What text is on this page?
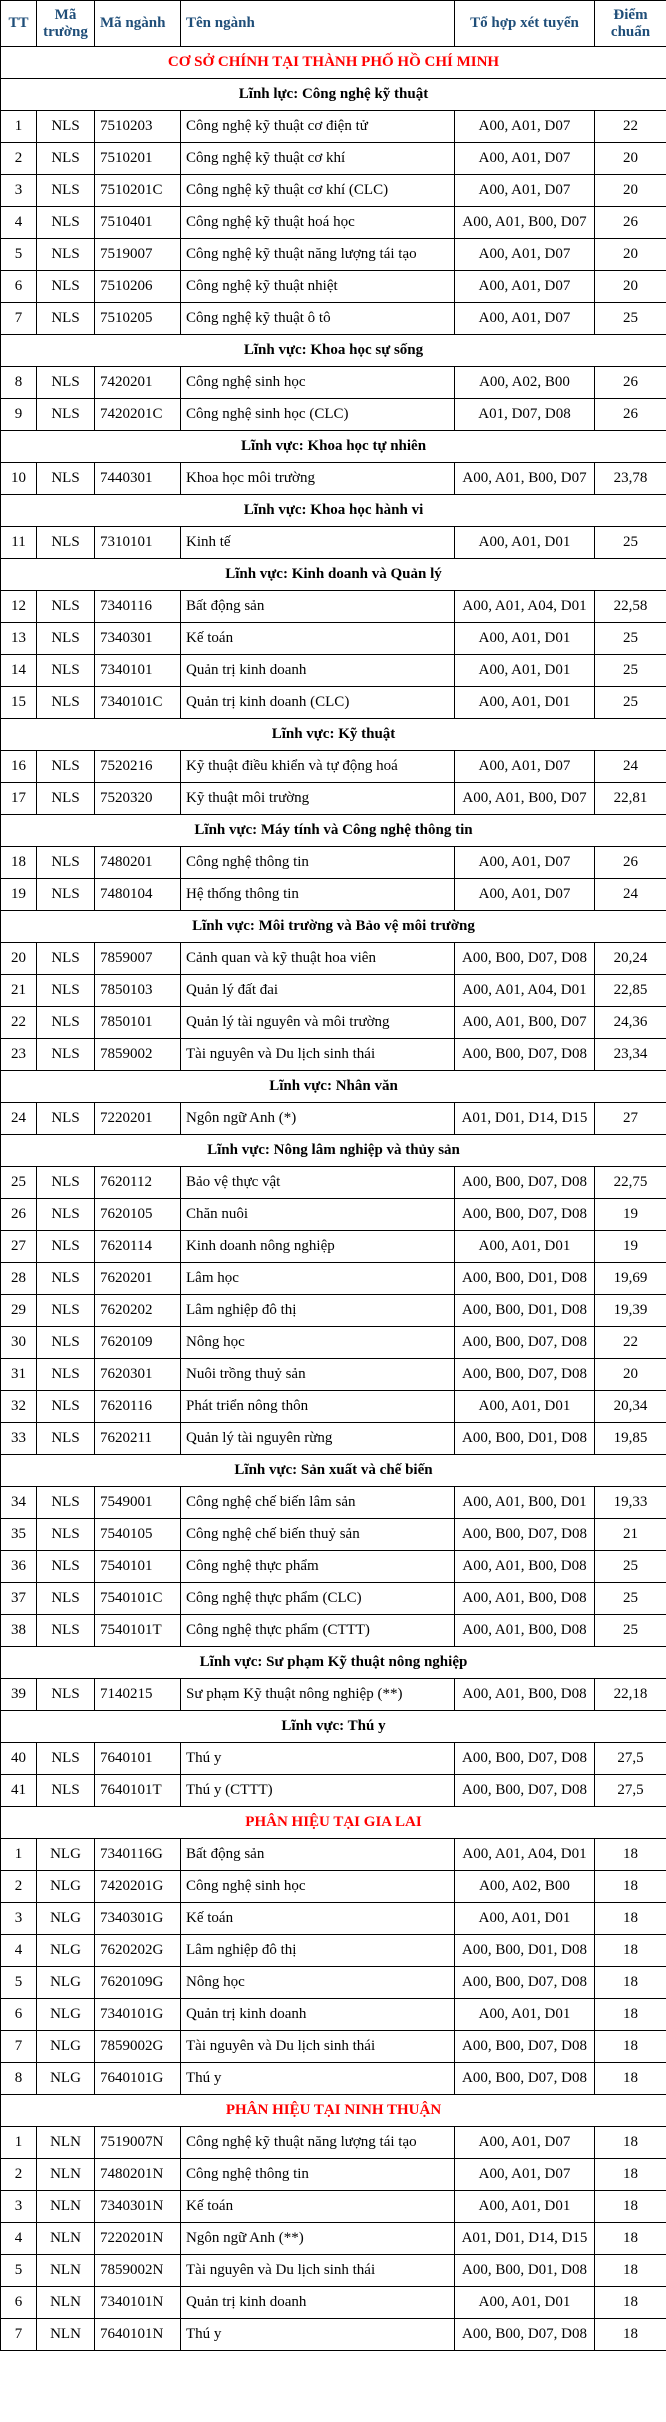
TT	Mã trường	Mã ngành	Tên ngành	Tổ hợp xét tuyển	Điểm chuẩn
CƠ SỞ CHÍNH TẠI THÀNH PHỐ HỒ CHÍ MINH					
Lĩnh lực: Công nghệ kỹ thuật					
1	NLS	7510203	Công nghệ kỹ thuật cơ điện tử	A00, A01, D07	22
2	NLS	7510201	Công nghệ kỹ thuật cơ khí	A00, A01, D07	20
3	NLS	7510201C	Công nghệ kỹ thuật cơ khí (CLC)	A00, A01, D07	20
4	NLS	7510401	Công nghệ kỹ thuật hoá học	A00, A01, B00, D07	26
5	NLS	7519007	Công nghệ kỹ thuật năng lượng tái tạo	A00, A01, D07	20
6	NLS	7510206	Công nghệ kỹ thuật nhiệt	A00, A01, D07	20
7	NLS	7510205	Công nghệ kỹ thuật ô tô	A00, A01, D07	25
Lĩnh vực: Khoa học sự sống					
8	NLS	7420201	Công nghệ sinh học	A00, A02, B00	26
9	NLS	7420201C	Công nghệ sinh học (CLC)	A01, D07, D08	26
Lĩnh vực: Khoa học tự nhiên					
10	NLS	7440301	Khoa học môi trường	A00, A01, B00, D07	23,78
Lĩnh vực: Khoa học hành vi					
11	NLS	7310101	Kinh tế	A00, A01, D01	25
Lĩnh vực: Kinh doanh và Quản lý					
12	NLS	7340116	Bất động sản	A00, A01, A04, D01	22,58
13	NLS	7340301	Kế toán	A00, A01, D01	25
14	NLS	7340101	Quản trị kinh doanh	A00, A01, D01	25
15	NLS	7340101C	Quản trị kinh doanh (CLC)	A00, A01, D01	25
Lĩnh vực: Kỹ thuật					
16	NLS	7520216	Kỹ thuật điều khiển và tự động hoá	A00, A01, D07	24
17	NLS	7520320	Kỹ thuật môi trường	A00, A01, B00, D07	22,81
Lĩnh vực: Máy tính và Công nghệ thông tin					
18	NLS	7480201	Công nghệ thông tin	A00, A01, D07	26
19	NLS	7480104	Hệ thống thông tin	A00, A01, D07	24
Lĩnh vực: Môi trường và Bảo vệ môi trường					
20	NLS	7859007	Cảnh quan và kỹ thuật hoa viên	A00, B00, D07, D08	20,24
21	NLS	7850103	Quản lý đất đai	A00, A01, A04, D01	22,85
22	NLS	7850101	Quản lý tài nguyên và môi trường	A00, A01, B00, D07	24,36
23	NLS	7859002	Tài nguyên và Du lịch sinh thái	A00, B00, D07, D08	23,34
Lĩnh vực: Nhân văn					
24	NLS	7220201	Ngôn ngữ Anh (*)	A01, D01, D14, D15	27
Lĩnh vực: Nông lâm nghiệp và thủy sản					
25	NLS	7620112	Bảo vệ thực vật	A00, B00, D07, D08	22,75
26	NLS	7620105	Chăn nuôi	A00, B00, D07, D08	19
27	NLS	7620114	Kinh doanh nông nghiệp	A00, A01, D01	19
28	NLS	7620201	Lâm học	A00, B00, D01, D08	19,69
29	NLS	7620202	Lâm nghiệp đô thị	A00, B00, D01, D08	19,39
30	NLS	7620109	Nông học	A00, B00, D07, D08	22
31	NLS	7620301	Nuôi trồng thuỷ sản	A00, B00, D07, D08	20
32	NLS	7620116	Phát triển nông thôn	A00, A01, D01	20,34
33	NLS	7620211	Quản lý tài nguyên rừng	A00, B00, D01, D08	19,85
Lĩnh vực: Sản xuất và chế biến					
34	NLS	7549001	Công nghệ chế biến lâm sản	A00, A01, B00, D01	19,33
35	NLS	7540105	Công nghệ chế biến thuỷ sản	A00, B00, D07, D08	21
36	NLS	7540101	Công nghệ thực phẩm	A00, A01, B00, D08	25
37	NLS	7540101C	Công nghệ thực phẩm (CLC)	A00, A01, B00, D08	25
38	NLS	7540101T	Công nghệ thực phẩm (CTTT)	A00, A01, B00, D08	25
Lĩnh vực: Sư phạm Kỹ thuật nông nghiệp					
39	NLS	7140215	Sư phạm Kỹ thuật nông nghiệp (**)	A00, A01, B00, D08	22,18
Lĩnh vực: Thú y					
40	NLS	7640101	Thú y	A00, B00, D07, D08	27,5
41	NLS	7640101T	Thú y (CTTT)	A00, B00, D07, D08	27,5
PHÂN HIỆU TẠI GIA LAI					
1	NLG	7340116G	Bất động sản	A00, A01, A04, D01	18
2	NLG	7420201G	Công nghệ sinh học	A00, A02, B00	18
3	NLG	7340301G	Kế toán	A00, A01, D01	18
4	NLG	7620202G	Lâm nghiệp đô thị	A00, B00, D01, D08	18
5	NLG	7620109G	Nông học	A00, B00, D07, D08	18
6	NLG	7340101G	Quản trị kinh doanh	A00, A01, D01	18
7	NLG	7859002G	Tài nguyên và Du lịch sinh thái	A00, B00, D07, D08	18
8	NLG	7640101G	Thú y	A00, B00, D07, D08	18
PHÂN HIỆU TẠI NINH THUẬN					
1	NLN	7519007N	Công nghệ kỹ thuật năng lượng tái tạo	A00, A01, D07	18
2	NLN	7480201N	Công nghệ thông tin	A00, A01, D07	18
3	NLN	7340301N	Kế toán	A00, A01, D01	18
4	NLN	7220201N	Ngôn ngữ Anh (**)	A01, D01, D14, D15	18
5	NLN	7859002N	Tài nguyên và Du lịch sinh thái	A00, B00, D01, D08	18
6	NLN	7340101N	Quản trị kinh doanh	A00, A01, D01	18
7	NLN	7640101N	Thú y	A00, B00, D07, D08	18
